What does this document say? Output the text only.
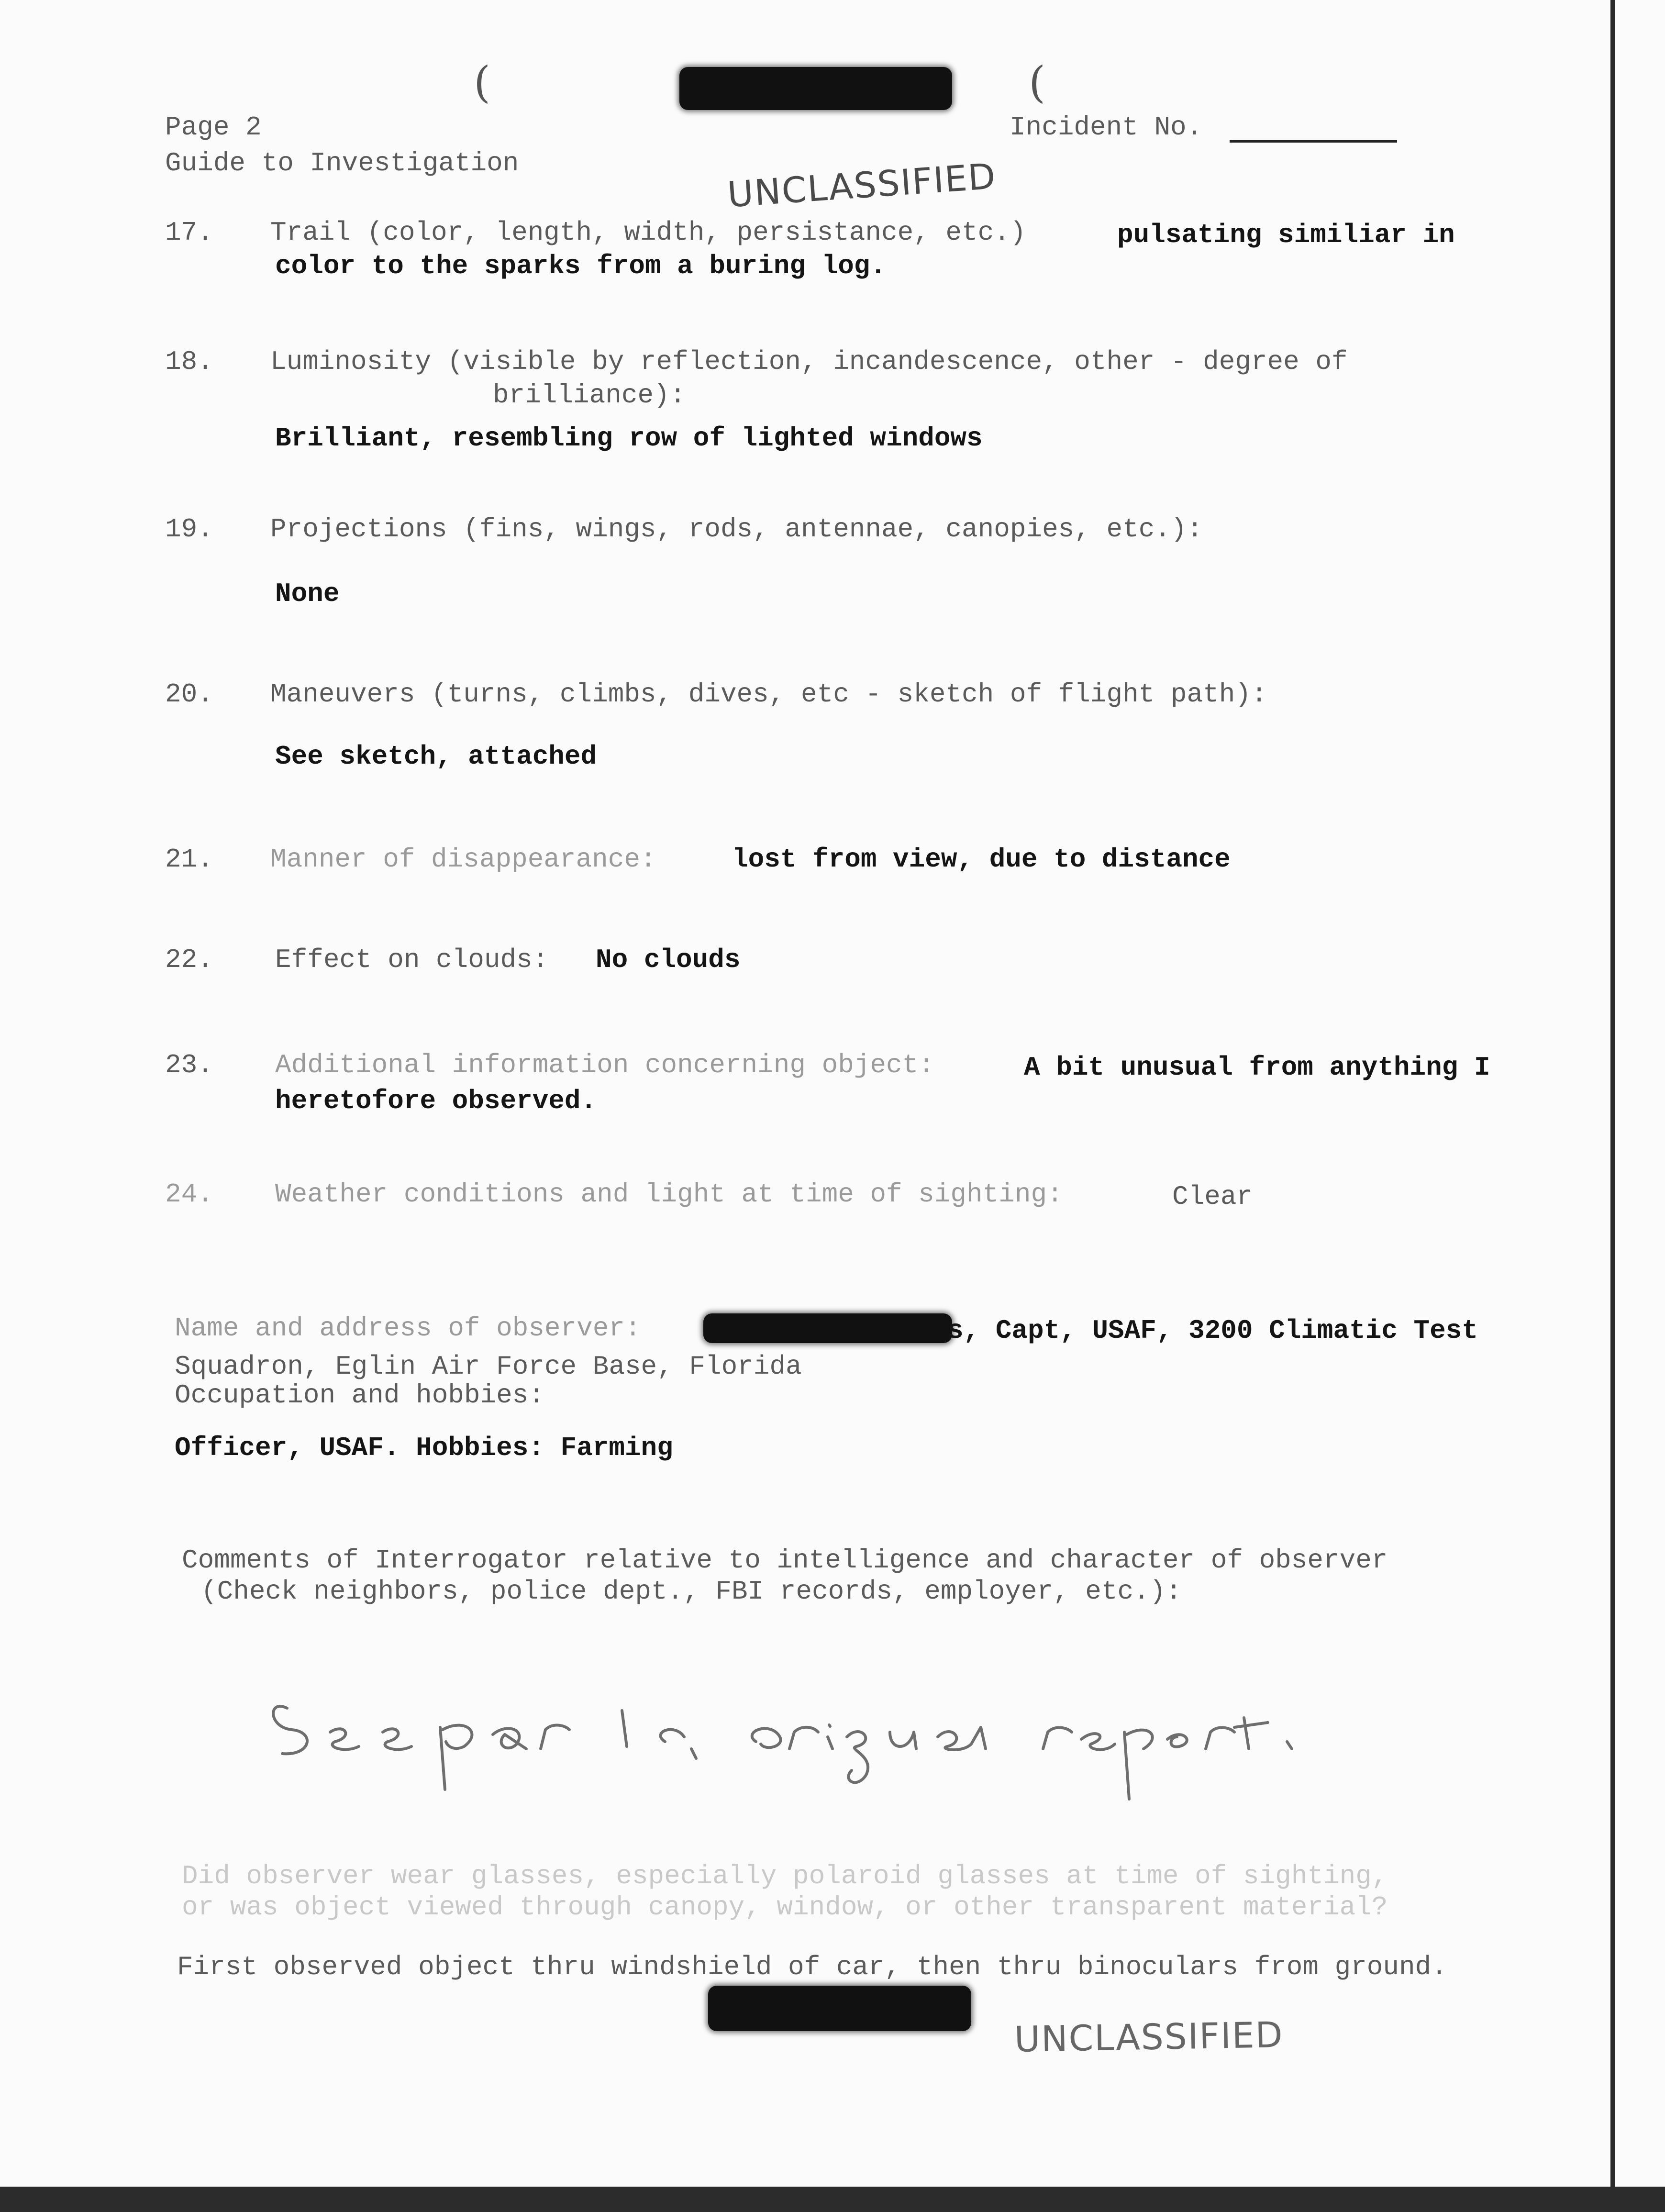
(	(
Page 2
Guide to Investigation
Incident No.
UNCLASSIFIED
17. Trail (color, length, width, persistance, etc.)	pulsating similiar in
color to the sparks from a buring log.
18. Luminosity (visible by reflection, incandescence, other - degree of
brilliance):
Brilliant, resembling row of lighted windows
19. Projections (fins, wings, rods, antennae, canopies, etc.):
None
20. Maneuvers (turns, climbs, dives, etc - sketch of flight path):
See sketch, attached
21. Manner of disappearance:	lost from view, due to distance
22. Effect on clouds: No clouds
23. Additional information concerning object:	A bit unusual from anything I
heretofore observed.
24. Weather conditions and light at time of sighting:	Clear
Name and address of observer:	s, Capt, USAF, 3200 Climatic Test
Squadron, Eglin Air Force Base, Florida
Occupation and hobbies:
Officer, USAF. Hobbies: Farming
Comments of Interrogator relative to intelligence and character of observer
(Check neighbors, police dept., FBI records, employer, etc.):
See par 1 c, original report
Did observer wear glasses, especially polaroid glasses at time of sighting,
or was object viewed through canopy, window, or other transparent material?
First observed object thru windshield of car, then thru binoculars from ground.
UNCLASSIFIED
